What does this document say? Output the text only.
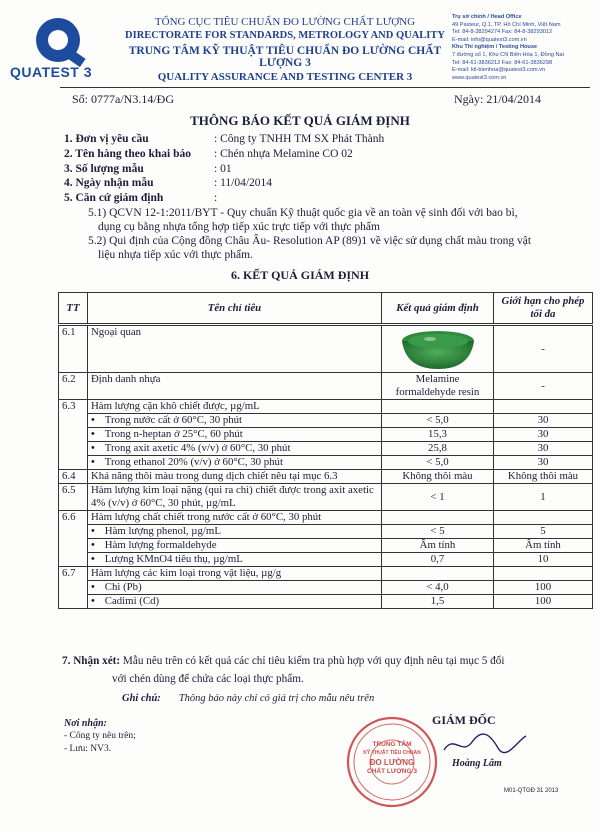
QUATEST 3
TỔNG CỤC TIÊU CHUẨN ĐO LƯỜNG CHẤT LƯỢNG
DIRECTORATE FOR STANDARDS, METROLOGY AND QUALITY
TRUNG TÂM KỸ THUẬT TIÊU CHUẨN ĐO LƯỜNG CHẤT LƯỢNG 3
QUALITY ASSURANCE AND TESTING CENTER 3
Trụ sở chính / Head Office
49 Pasteur, Q.1, TP. Hồ Chí Minh, Việt Nam
Tel: 84-8-38294274 Fax: 84-8-38293012
E-mail: info@quatest3.com.vn
Khu Thí nghiệm / Testing House
7 đường số 1, Khu CN Biên Hòa 1, Đồng Nai
Tel: 84-61-3836212 Fax: 84-61-3836298
E-mail: ktl-bienhoa@quatest3.com.vn
www.quatest3.com.vn
Số: 0777a/N3.14/ĐG	Ngày: 21/04/2014
THÔNG BÁO KẾT QUẢ GIÁM ĐỊNH
1. Đơn vị yêu cầu	: Công ty TNHH TM SX Phát Thành
2. Tên hàng theo khai báo : Chén nhựa Melamine CO 02
3. Số lượng mẫu	: 01
4. Ngày nhận mẫu	: 11/04/2014
5. Căn cứ giám định	:
5.1) QCVN 12-1:2011/BYT - Quy chuẩn Kỹ thuật quốc gia về an toàn vệ sinh đối với bao bì,
dụng cụ bằng nhựa tổng hợp tiếp xúc trực tiếp với thực phẩm
5.2) Qui định của Cộng đồng Châu Âu- Resolution AP (89)1 về việc sử dụng chất màu trong vật
liệu nhựa tiếp xúc với thực phẩm.
6. KẾT QUẢ GIÁM ĐỊNH
TT	Tên chỉ tiêu	Kết quả giám định	Giới hạn cho phép tối đa
6.1	Ngoại quan		-
6.2	Định danh nhựa	Melamine formaldehyde resin	-
6.3	Hàm lượng cặn khô chiết được, µg/mL		
	• Trong nước cất ở 60°C, 30 phút	< 5,0	30
	• Trong n-heptan ở 25°C, 60 phút	15,3	30
	• Trong axit axetic 4% (v/v) ở 60°C, 30 phút	25,8	30
	• Trong ethanol 20% (v/v) ở 60°C, 30 phút	< 5,0	30
6.4	Khả năng thôi màu trong dung dịch chiết nêu tại mục 6.3	Không thôi màu	Không thôi màu
6.5	Hàm lượng kim loại nặng (qui ra chì) chiết được trong axit axetic 4% (v/v) ở 60°C, 30 phút, µg/mL	< 1	1
6.6	Hàm lượng chất chiết trong nước cất ở 60°C, 30 phút		
	• Hàm lượng phenol, µg/mL	< 5	5
	• Hàm lượng formaldehyde	Âm tính	Âm tính
	• Lượng KMnO4 tiêu thụ, µg/mL	0,7	10
6.7	Hàm lượng các kim loại trong vật liệu, µg/g		
	• Chì (Pb)	< 4,0	100
	• Cadimi (Cd)	1,5	100
7. Nhận xét: Mẫu nêu trên có kết quả các chỉ tiêu kiểm tra phù hợp với quy định nêu tại mục 5 đối
với chén dùng để chứa các loại thực phẩm.
Ghi chú: Thông báo này chỉ có giá trị cho mẫu nêu trên
Nơi nhận:
- Công ty nêu trên;
- Lưu: NV3.	TRUNG TÂM
KỸ THUẬT TIÊU CHUẨN
ĐO LƯỜNG
CHẤT LƯỢNG 3
GIÁM ĐỐC
Hoàng Lâm
M01-QTGĐ 31 2013
